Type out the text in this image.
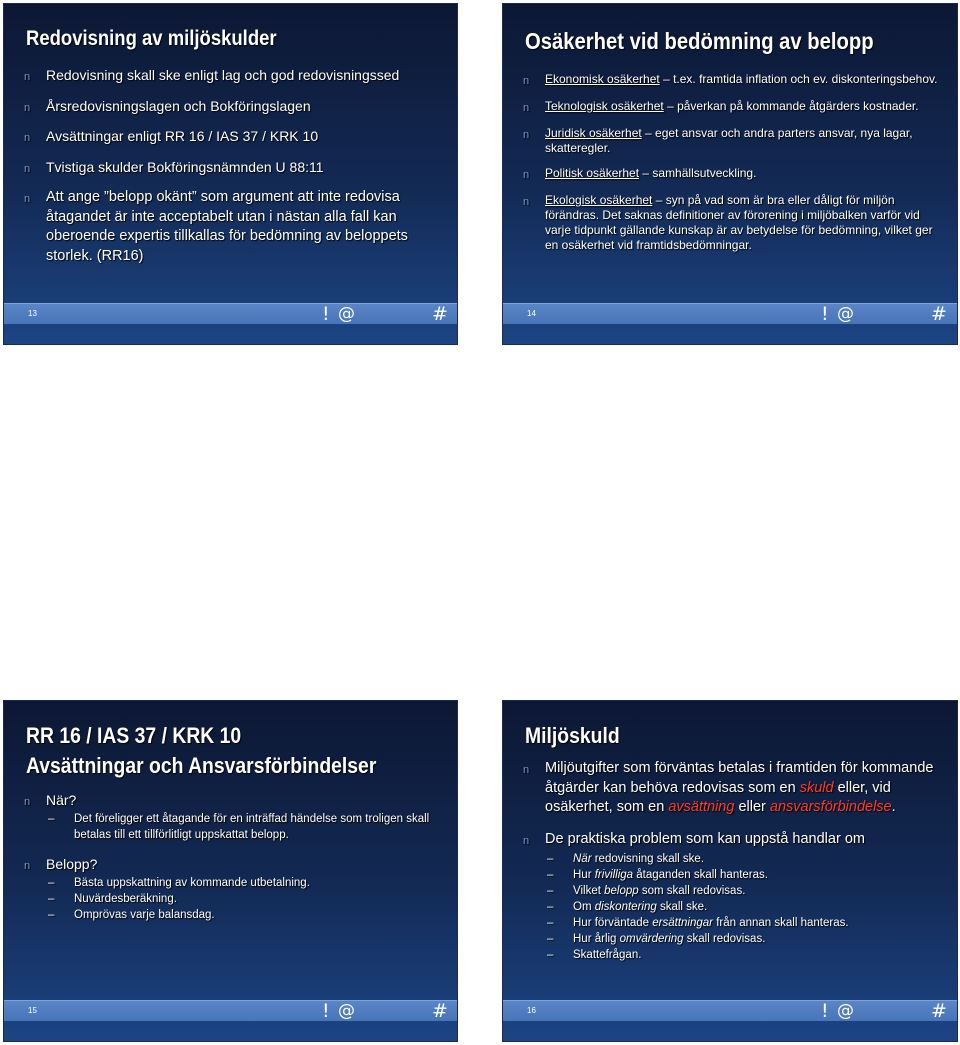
Redovisning av miljöskulder
n	Redovisning skall ske enligt lag och god redovisningssed
n	Årsredovisningslagen och Bokföringslagen
n	Avsättningar enligt RR 16 / IAS 37 / KRK 10
n	Tvistiga skulder Bokföringsnämnden U 88:11
n	Att ange ”belopp okänt” som argument att inte redovisa åtagandet är inte acceptabelt utan i nästan alla fall kan oberoende expertis tillkallas för bedömning av beloppets storlek. (RR16)
13	! @	#
Osäkerhet vid bedömning av belopp
n	Ekonomisk osäkerhet – t.ex. framtida inflation och ev. diskonteringsbehov.
n	Teknologisk osäkerhet – påverkan på kommande åtgärders kostnader.
n	Juridisk osäkerhet – eget ansvar och andra parters ansvar, nya lagar, skatteregler.
n	Politisk osäkerhet – samhällsutveckling.
n	Ekologisk osäkerhet – syn på vad som är bra eller dåligt för miljön förändras. Det saknas definitioner av förorening i miljöbalken varför vid varje tidpunkt gällande kunskap är av betydelse för bedömning, vilket ger en osäkerhet vid framtidsbedömningar.
14	! @	#
RR 16 / IAS 37 / KRK 10
Avsättningar och Ansvarsförbindelser
n	När?
–	Det föreligger ett åtagande för en inträffad händelse som troligen skall betalas till ett tillförlitligt uppskattat belopp.
n	Belopp?
–	Bästa uppskattning av kommande utbetalning.
–	Nuvärdesberäkning.
–	Omprövas varje balansdag.
15	! @	#
Miljöskuld
n	Miljöutgifter som förväntas betalas i framtiden för kommande åtgärder kan behöva redovisas som en skuld eller, vid osäkerhet, som en avsättning eller ansvarsförbindelse.
n	De praktiska problem som kan uppstå handlar om
–	När redovisning skall ske.
–	Hur frivilliga åtaganden skall hanteras.
–	Vilket belopp som skall redovisas.
–	Om diskontering skall ske.
–	Hur förväntade ersättningar från annan skall hanteras.
–	Hur årlig omvärdering skall redovisas.
–	Skattefrågan.
16	! @	#
